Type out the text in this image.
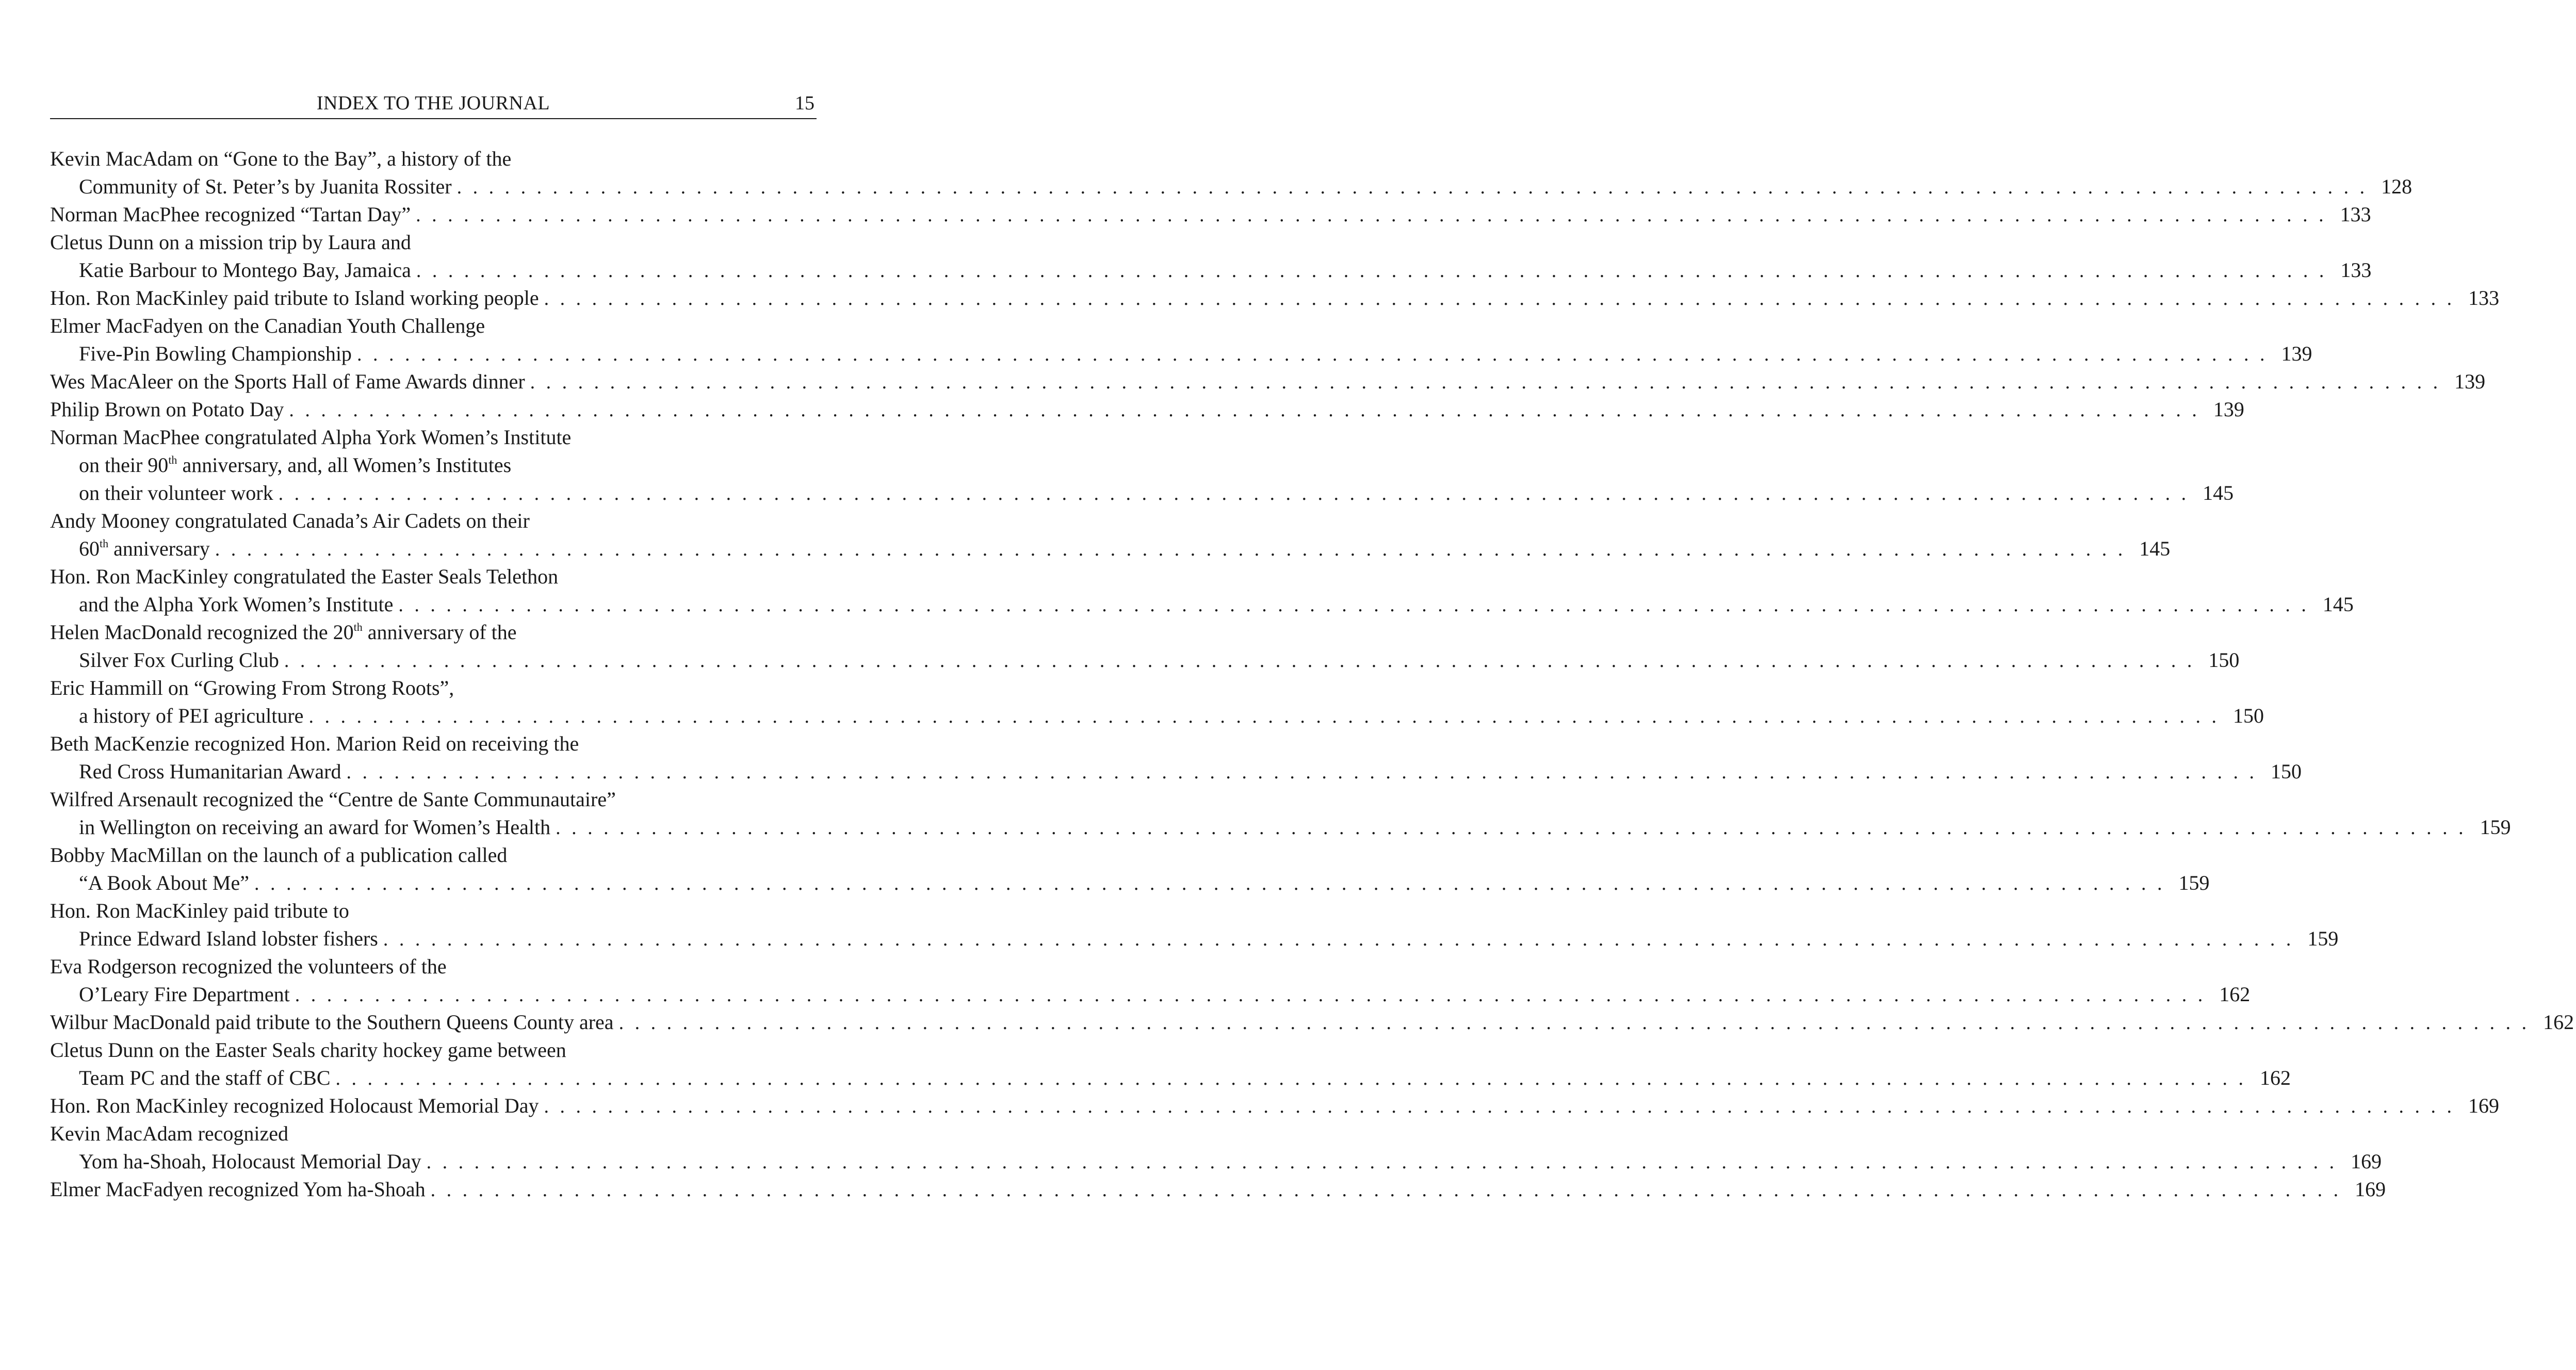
INDEX TO THE JOURNAL	15
Kevin MacAdam on “Gone to the Bay”, a history of the
Community of St. Peter’s by Juanita Rossiter . . . . . . . . . . . . . . . . . . . . . . . . . . . . . . . . . . . . . . . . . . . . . . . . . . . . . . . . . . . . . . . . . . . . . . . . . . . . . . . . . . . . . . . . . . . . . . . . . . . . . . . . . . . . . . . . . . . . . . . . 128
Norman MacPhee recognized “Tartan Day” . . . . . . . . . . . . . . . . . . . . . . . . . . . . . . . . . . . . . . . . . . . . . . . . . . . . . . . . . . . . . . . . . . . . . . . . . . . . . . . . . . . . . . . . . . . . . . . . . . . . . . . . . . . . . . . . . . . . . . . . 133
Cletus Dunn on a mission trip by Laura and
Katie Barbour to Montego Bay, Jamaica . . . . . . . . . . . . . . . . . . . . . . . . . . . . . . . . . . . . . . . . . . . . . . . . . . . . . . . . . . . . . . . . . . . . . . . . . . . . . . . . . . . . . . . . . . . . . . . . . . . . . . . . . . . . . . . . . . . . . . . . 133
Hon. Ron MacKinley paid tribute to Island working people . . . . . . . . . . . . . . . . . . . . . . . . . . . . . . . . . . . . . . . . . . . . . . . . . . . . . . . . . . . . . . . . . . . . . . . . . . . . . . . . . . . . . . . . . . . . . . . . . . . . . . . . . . . . . . . . . . . . . . . . 133
Elmer MacFadyen on the Canadian Youth Challenge
Five-Pin Bowling Championship . . . . . . . . . . . . . . . . . . . . . . . . . . . . . . . . . . . . . . . . . . . . . . . . . . . . . . . . . . . . . . . . . . . . . . . . . . . . . . . . . . . . . . . . . . . . . . . . . . . . . . . . . . . . . . . . . . . . . . . . 139
Wes MacAleer on the Sports Hall of Fame Awards dinner . . . . . . . . . . . . . . . . . . . . . . . . . . . . . . . . . . . . . . . . . . . . . . . . . . . . . . . . . . . . . . . . . . . . . . . . . . . . . . . . . . . . . . . . . . . . . . . . . . . . . . . . . . . . . . . . . . . . . . . . 139
Philip Brown on Potato Day . . . . . . . . . . . . . . . . . . . . . . . . . . . . . . . . . . . . . . . . . . . . . . . . . . . . . . . . . . . . . . . . . . . . . . . . . . . . . . . . . . . . . . . . . . . . . . . . . . . . . . . . . . . . . . . . . . . . . . . . 139
Norman MacPhee congratulated Alpha York Women’s Institute
on their 90th anniversary, and, all Women’s Institutes
on their volunteer work . . . . . . . . . . . . . . . . . . . . . . . . . . . . . . . . . . . . . . . . . . . . . . . . . . . . . . . . . . . . . . . . . . . . . . . . . . . . . . . . . . . . . . . . . . . . . . . . . . . . . . . . . . . . . . . . . . . . . . . . 145
Andy Mooney congratulated Canada’s Air Cadets on their
60th anniversary . . . . . . . . . . . . . . . . . . . . . . . . . . . . . . . . . . . . . . . . . . . . . . . . . . . . . . . . . . . . . . . . . . . . . . . . . . . . . . . . . . . . . . . . . . . . . . . . . . . . . . . . . . . . . . . . . . . . . . . . 145
Hon. Ron MacKinley congratulated the Easter Seals Telethon
and the Alpha York Women’s Institute . . . . . . . . . . . . . . . . . . . . . . . . . . . . . . . . . . . . . . . . . . . . . . . . . . . . . . . . . . . . . . . . . . . . . . . . . . . . . . . . . . . . . . . . . . . . . . . . . . . . . . . . . . . . . . . . . . . . . . . . 145
Helen MacDonald recognized the 20th anniversary of the
Silver Fox Curling Club . . . . . . . . . . . . . . . . . . . . . . . . . . . . . . . . . . . . . . . . . . . . . . . . . . . . . . . . . . . . . . . . . . . . . . . . . . . . . . . . . . . . . . . . . . . . . . . . . . . . . . . . . . . . . . . . . . . . . . . . 150
Eric Hammill on “Growing From Strong Roots”,
a history of PEI agriculture . . . . . . . . . . . . . . . . . . . . . . . . . . . . . . . . . . . . . . . . . . . . . . . . . . . . . . . . . . . . . . . . . . . . . . . . . . . . . . . . . . . . . . . . . . . . . . . . . . . . . . . . . . . . . . . . . . . . . . . . 150
Beth MacKenzie recognized Hon. Marion Reid on receiving the
Red Cross Humanitarian Award . . . . . . . . . . . . . . . . . . . . . . . . . . . . . . . . . . . . . . . . . . . . . . . . . . . . . . . . . . . . . . . . . . . . . . . . . . . . . . . . . . . . . . . . . . . . . . . . . . . . . . . . . . . . . . . . . . . . . . . . 150
Wilfred Arsenault recognized the “Centre de Sante Communautaire”
in Wellington on receiving an award for Women’s Health . . . . . . . . . . . . . . . . . . . . . . . . . . . . . . . . . . . . . . . . . . . . . . . . . . . . . . . . . . . . . . . . . . . . . . . . . . . . . . . . . . . . . . . . . . . . . . . . . . . . . . . . . . . . . . . . . . . . . . . . 159
Bobby MacMillan on the launch of a publication called
“A Book About Me” . . . . . . . . . . . . . . . . . . . . . . . . . . . . . . . . . . . . . . . . . . . . . . . . . . . . . . . . . . . . . . . . . . . . . . . . . . . . . . . . . . . . . . . . . . . . . . . . . . . . . . . . . . . . . . . . . . . . . . . . 159
Hon. Ron MacKinley paid tribute to
Prince Edward Island lobster fishers . . . . . . . . . . . . . . . . . . . . . . . . . . . . . . . . . . . . . . . . . . . . . . . . . . . . . . . . . . . . . . . . . . . . . . . . . . . . . . . . . . . . . . . . . . . . . . . . . . . . . . . . . . . . . . . . . . . . . . . . 159
Eva Rodgerson recognized the volunteers of the
O’Leary Fire Department . . . . . . . . . . . . . . . . . . . . . . . . . . . . . . . . . . . . . . . . . . . . . . . . . . . . . . . . . . . . . . . . . . . . . . . . . . . . . . . . . . . . . . . . . . . . . . . . . . . . . . . . . . . . . . . . . . . . . . . . 162
Wilbur MacDonald paid tribute to the Southern Queens County area . . . . . . . . . . . . . . . . . . . . . . . . . . . . . . . . . . . . . . . . . . . . . . . . . . . . . . . . . . . . . . . . . . . . . . . . . . . . . . . . . . . . . . . . . . . . . . . . . . . . . . . . . . . . . . . . . . . . . . . . 162
Cletus Dunn on the Easter Seals charity hockey game between
Team PC and the staff of CBC . . . . . . . . . . . . . . . . . . . . . . . . . . . . . . . . . . . . . . . . . . . . . . . . . . . . . . . . . . . . . . . . . . . . . . . . . . . . . . . . . . . . . . . . . . . . . . . . . . . . . . . . . . . . . . . . . . . . . . . . 162
Hon. Ron MacKinley recognized Holocaust Memorial Day . . . . . . . . . . . . . . . . . . . . . . . . . . . . . . . . . . . . . . . . . . . . . . . . . . . . . . . . . . . . . . . . . . . . . . . . . . . . . . . . . . . . . . . . . . . . . . . . . . . . . . . . . . . . . . . . . . . . . . . . 169
Kevin MacAdam recognized
Yom ha-Shoah, Holocaust Memorial Day . . . . . . . . . . . . . . . . . . . . . . . . . . . . . . . . . . . . . . . . . . . . . . . . . . . . . . . . . . . . . . . . . . . . . . . . . . . . . . . . . . . . . . . . . . . . . . . . . . . . . . . . . . . . . . . . . . . . . . . . 169
Elmer MacFadyen recognized Yom ha-Shoah . . . . . . . . . . . . . . . . . . . . . . . . . . . . . . . . . . . . . . . . . . . . . . . . . . . . . . . . . . . . . . . . . . . . . . . . . . . . . . . . . . . . . . . . . . . . . . . . . . . . . . . . . . . . . . . . . . . . . . . . 169
